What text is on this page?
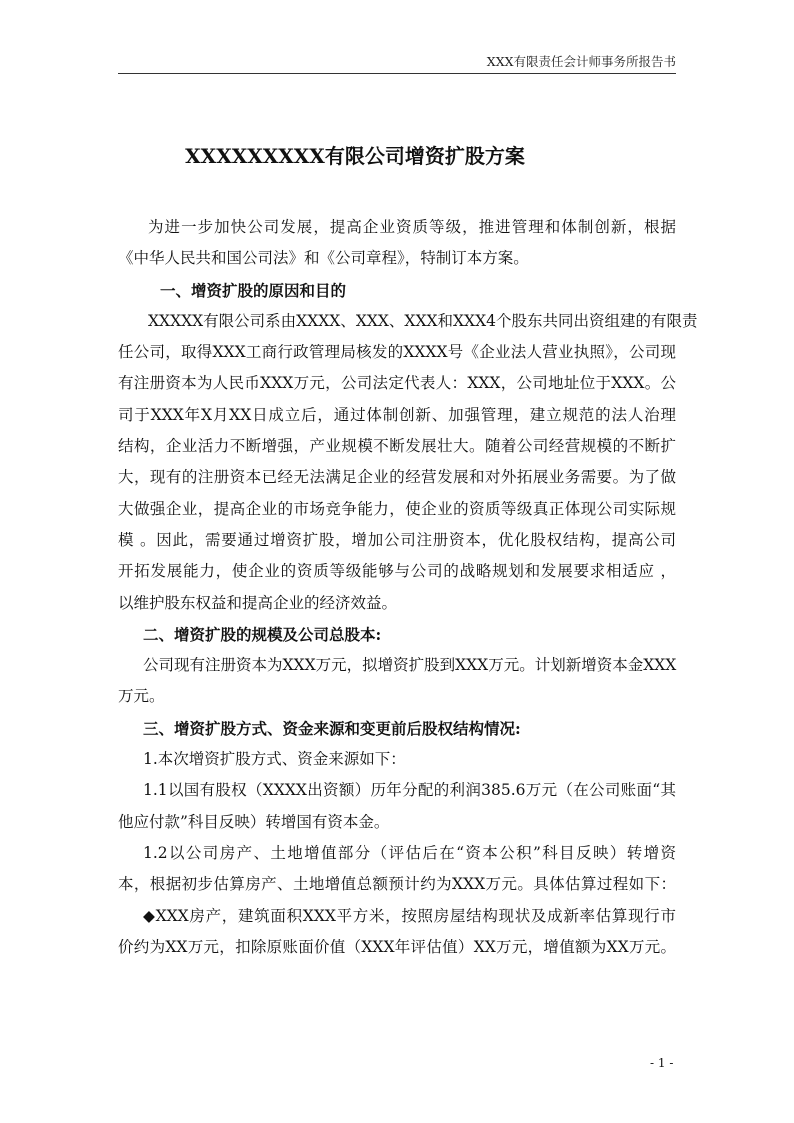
XXX有限责任会计师事务所报告书
XXXXXXXXX有限公司增资扩股方案
为进一步加快公司发展，提高企业资质等级，推进管理和体制创新，根据
《中华人民共和国公司法》和《公司章程》，特制订本方案。
一、增资扩股的原因和目的
XXXXX有限公司系由XXXX、XXX、XXX和XXX4个股东共同出资组建的有限责
任公司，取得XXX工商行政管理局核发的XXXX号《企业法人营业执照》，公司现
有注册资本为人民币XXX万元，公司法定代表人：XXX，公司地址位于XXX。公
司于XXX年X月XX日成立后，通过体制创新、加强管理，建立规范的法人治理
结构，企业活力不断增强，产业规模不断发展壮大。随着公司经营规模的不断扩
大，现有的注册资本已经无法满足企业的经营发展和对外拓展业务需要。为了做
大做强企业，提高企业的市场竞争能力，使企业的资质等级真正体现公司实际规
模 。因此，需要通过增资扩股，增加公司注册资本，优化股权结构，提高公司
开拓发展能力，使企业的资质等级能够与公司的战略规划和发展要求相适应 ，
以维护股东权益和提高企业的经济效益。
二、增资扩股的规模及公司总股本:
公司现有注册资本为XXX万元，拟增资扩股到XXX万元。计划新增资本金XXX
万元。
三、增资扩股方式、资金来源和变更前后股权结构情况:
1.本次增资扩股方式、资金来源如下：
1.1以国有股权（XXXX出资额）历年分配的利润385.6万元（在公司账面“其
他应付款”科目反映）转增国有资本金。
1.2以公司房产、土地增值部分（评估后在“资本公积”科目反映）转增资
本，根据初步估算房产、土地增值总额预计约为XXX万元。具体估算过程如下：
◆XXX房产，建筑面积XXX平方米，按照房屋结构现状及成新率估算现行市
价约为XX万元，扣除原账面价值（XXX年评估值）XX万元，增值额为XX万元。
- 1 -
